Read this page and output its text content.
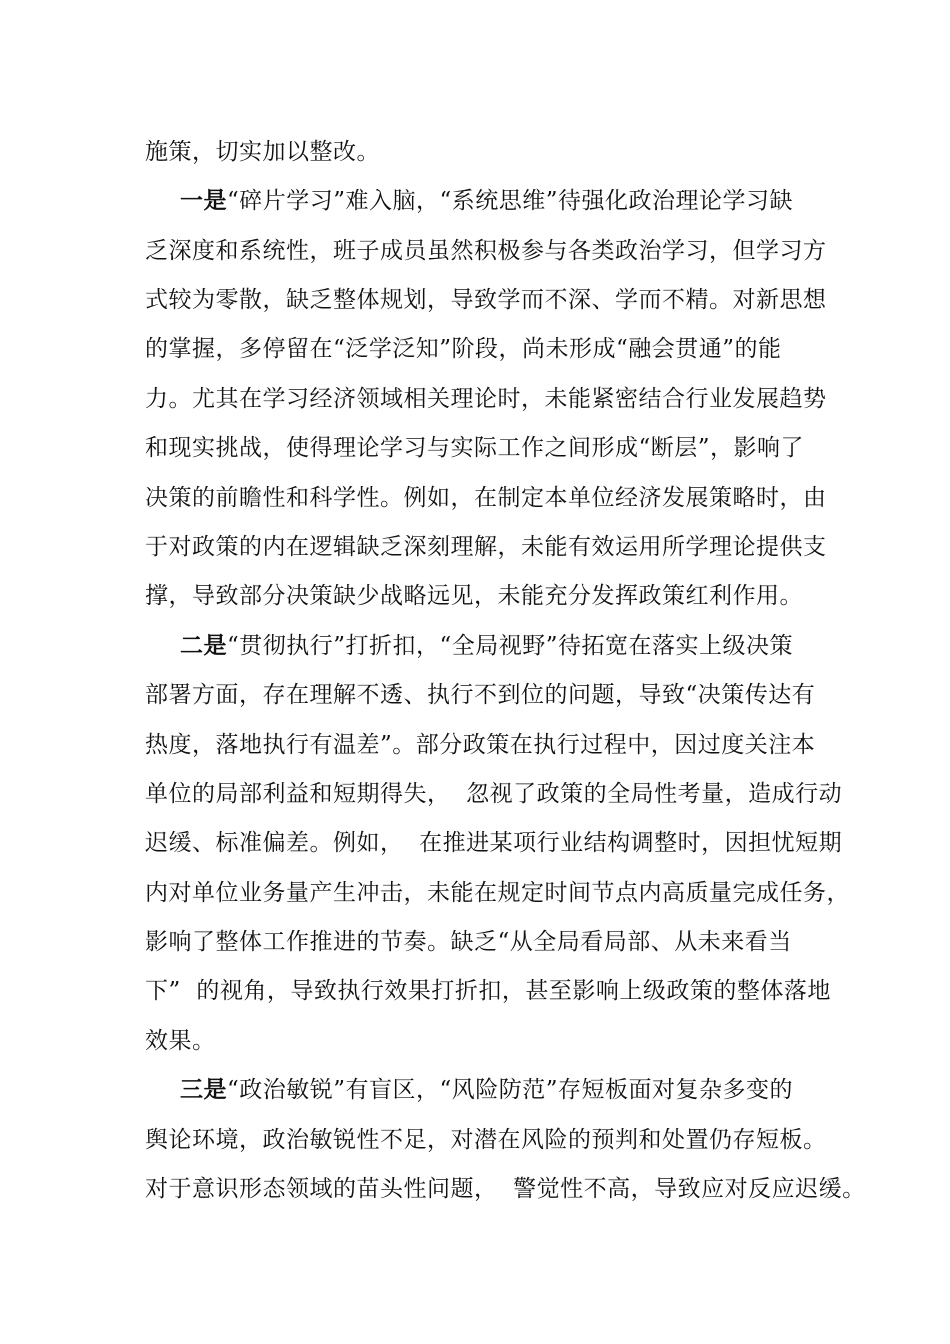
施策，切实加以整改。
一是“碎片学习”难入脑，“系统思维”待强化政治理论学习缺
乏深度和系统性，班子成员虽然积极参与各类政治学习，但学习方
式较为零散，缺乏整体规划，导致学而不深、学而不精。对新思想
的掌握，多停留在“泛学泛知”阶段，尚未形成“融会贯通”的能
力。尤其在学习经济领域相关理论时，未能紧密结合行业发展趋势
和现实挑战，使得理论学习与实际工作之间形成“断层”，影响了
决策的前瞻性和科学性。例如，在制定本单位经济发展策略时，由
于对政策的内在逻辑缺乏深刻理解，未能有效运用所学理论提供支
撑，导致部分决策缺少战略远见，未能充分发挥政策红利作用。
二是“贯彻执行”打折扣，“全局视野”待拓宽在落实上级决策
部署方面，存在理解不透、执行不到位的问题，导致“决策传达有
热度，落地执行有温差”。部分政策在执行过程中，因过度关注本
单位的局部利益和短期得失，  忽视了政策的全局性考量，造成行动
迟缓、标准偏差。例如，  在推进某项行业结构调整时，因担忧短期
内对单位业务量产生冲击，未能在规定时间节点内高质量完成任务，
影响了整体工作推进的节奏。缺乏“从全局看局部、从未来看当
下”  的视角，导致执行效果打折扣，甚至影响上级政策的整体落地
效果。
三是“政治敏锐”有盲区，“风险防范”存短板面对复杂多变的
舆论环境，政治敏锐性不足，对潜在风险的预判和处置仍存短板。
对于意识形态领域的苗头性问题，  警觉性不高，导致应对反应迟缓。
